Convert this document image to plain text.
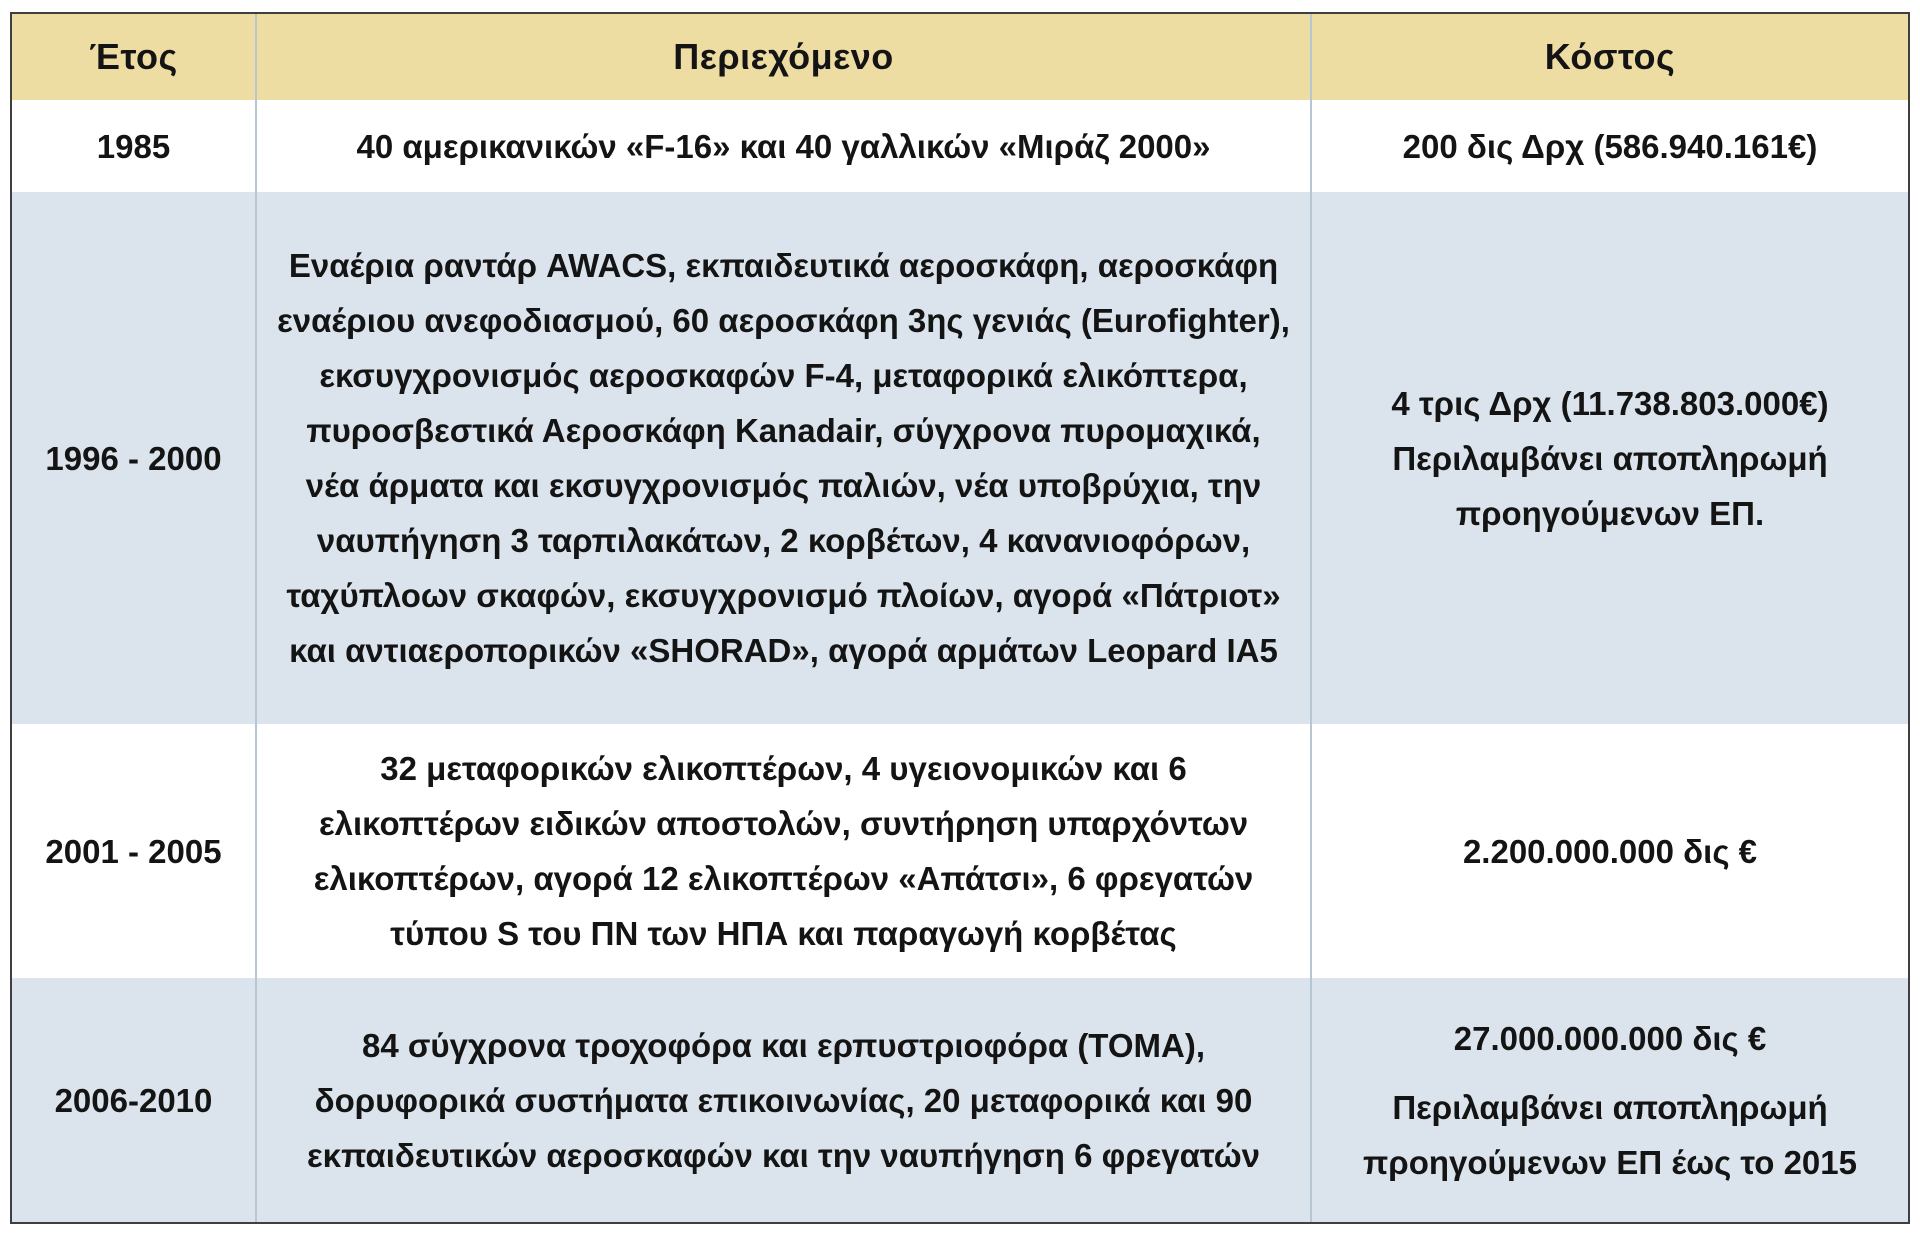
Έτος	Περιεχόμενο	Κόστος
1985	40 αμερικανικών «F-16» και 40 γαλλικών «Μιράζ 2000»	200 δις Δρχ (586.940.161€)

1996 - 2000	Εναέρια ραντάρ AWACS, εκπαιδευτικά αεροσκάφη, αεροσκάφη εναέριου ανεφοδιασμού, 60 αεροσκάφη 3ης γενιάς (Eurofighter), εκσυγχρονισμός αεροσκαφών F-4, μεταφορικά ελικόπτερα, πυροσβεστικά Αεροσκάφη Kanadair, σύγχρονα πυρομαχικά, νέα άρματα και εκσυγχρονισμός παλιών, νέα υποβρύχια, την ναυπήγηση 3 ταρπιλακάτων, 2 κορβέτων, 4 κανανιοφόρων, ταχύπλοων σκαφών, εκσυγχρονισμό πλοίων, αγορά «Πάτριοτ» και αντιαεροπορικών «SHORAD», αγορά αρμάτων Leopard IA5	4 τρις Δρχ (11.738.803.000€)
Περιλαμβάνει αποπληρωμή προηγούμενων ΕΠ.

2001 - 2005	32 μεταφορικών ελικοπτέρων, 4 υγειονομικών και 6 ελικοπτέρων ειδικών αποστολών, συντήρηση υπαρχόντων ελικοπτέρων, αγορά 12 ελικοπτέρων «Απάτσι», 6 φρεγατών τύπου S του ΠΝ των ΗΠΑ και παραγωγή κορβέτας	2.200.000.000 δις €

2006-2010	84 σύγχρονα τροχοφόρα και ερπυστριοφόρα (ΤΟΜΑ), δορυφορικά συστήματα επικοινωνίας, 20 μεταφορικά και 90 εκπαιδευτικών αεροσκαφών και την ναυπήγηση 6 φρεγατών	27.000.000.000 δις €
Περιλαμβάνει αποπληρωμή προηγούμενων ΕΠ έως το 2015
